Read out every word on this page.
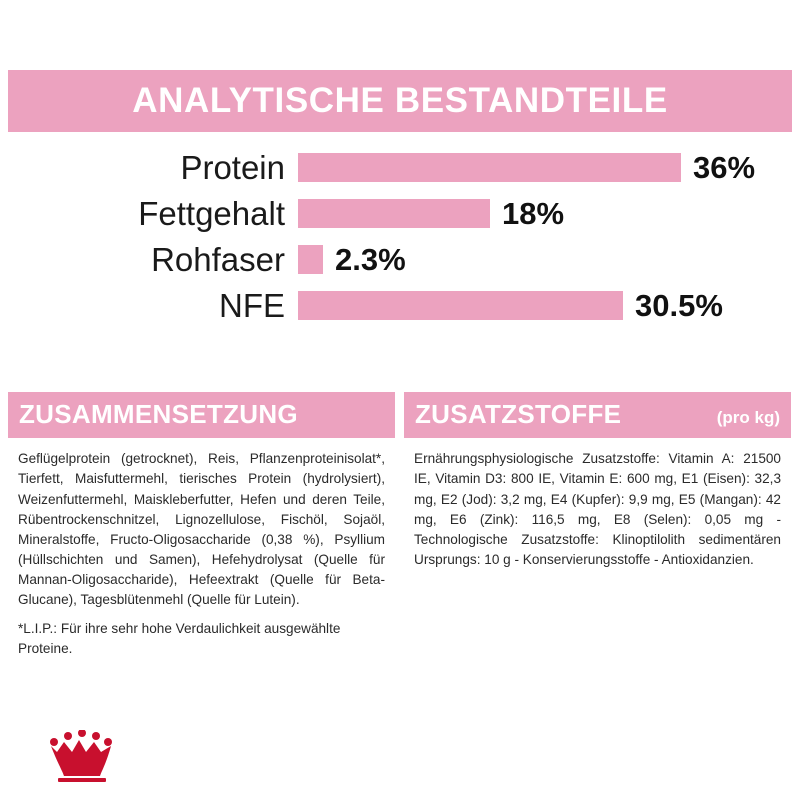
ANALYTISCHE BESTANDTEILE
Protein	36%
Fettgehalt	18%
Rohfaser	2.3%
NFE	30.5%
ZUSAMMENSETZUNG

Geflügelprotein (getrocknet), Reis, Pflanzenproteinisolat*, Tierfett, Maisfuttermehl, tierisches Protein (hydrolysiert), Weizenfuttermehl, Maiskleberfutter, Hefen und deren Teile, Rübentrockenschnitzel, Lignozellulose, Fischöl, Sojaöl, Mineralstoffe, Fructo-Oligosaccharide (0,38 %), Psyllium (Hüllschichten und Samen), Hefehydrolysat (Quelle für Mannan-Oligosaccharide), Hefeextrakt (Quelle für Beta-Glucane), Tagesblütenmehl (Quelle für Lutein).

*L.I.P.: Für ihre sehr hohe Verdaulichkeit ausgewählte Proteine.

ZUSATZSTOFFE	(pro kg)

Ernährungsphysiologische Zusatzstoffe: Vitamin A: 21500 IE, Vitamin D3: 800 IE, Vitamin E: 600 mg, E1 (Eisen): 32,3 mg, E2 (Jod): 3,2 mg, E4 (Kupfer): 9,9 mg, E5 (Mangan): 42 mg, E6 (Zink): 116,5 mg, E8 (Selen): 0,05 mg - Technologische Zusatzstoffe: Klinoptilolith sedimentären Ursprungs: 10 g - Konservierungsstoffe - Antioxidanzien.
